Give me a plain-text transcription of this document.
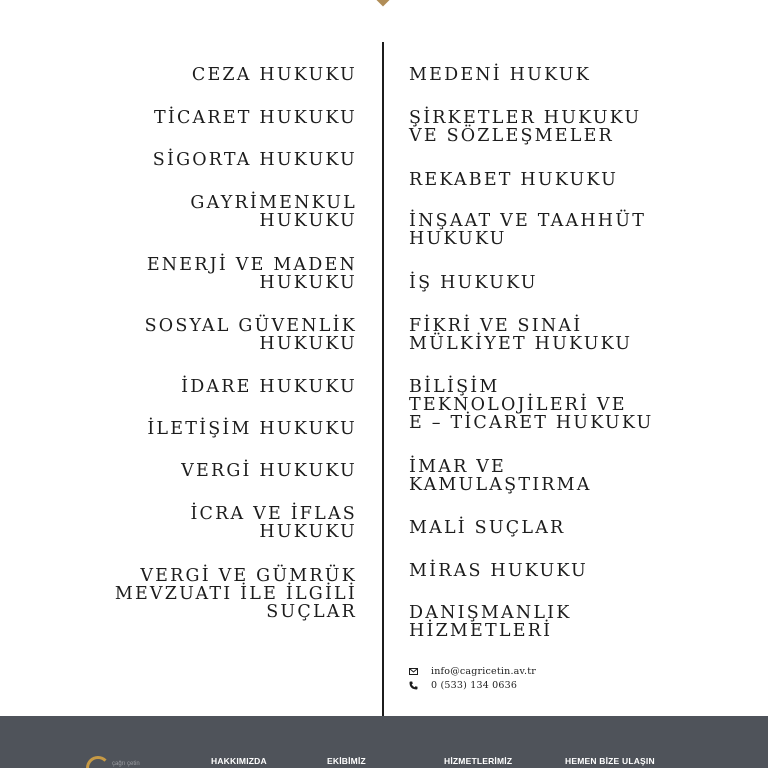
CEZA HUKUKU
TİCARET HUKUKU
SİGORTA HUKUKU
GAYRİMENKUL
HUKUKU
ENERJİ VE MADEN
HUKUKU
SOSYAL GÜVENLİK
HUKUKU
İDARE HUKUKU
İLETİŞİM HUKUKU
VERGİ HUKUKU
İCRA VE İFLAS
HUKUKU
VERGİ VE GÜMRÜK
MEVZUATI İLE İLGİLİ
SUÇLAR
MEDENİ HUKUK
ŞİRKETLER HUKUKU
VE SÖZLEŞMELER
REKABET HUKUKU
İNŞAAT VE TAAHHÜT
HUKUKU
İŞ HUKUKU
FİKRİ VE SINAİ
MÜLKİYET HUKUKU
BİLİŞİM
TEKNOLOJİLERİ VE
E – TİCARET HUKUKU
İMAR VE
KAMULAŞTIRMA
MALİ SUÇLAR
MİRAS HUKUKU
DANIŞMANLIK
HİZMETLERİ
info@cagricetin.av.tr
0 (533) 134 0636
çağrı çetin	HAKKIMIZDA	EKİBİMİZ	HİZMETLERİMİZ	HEMEN BİZE ULAŞIN
